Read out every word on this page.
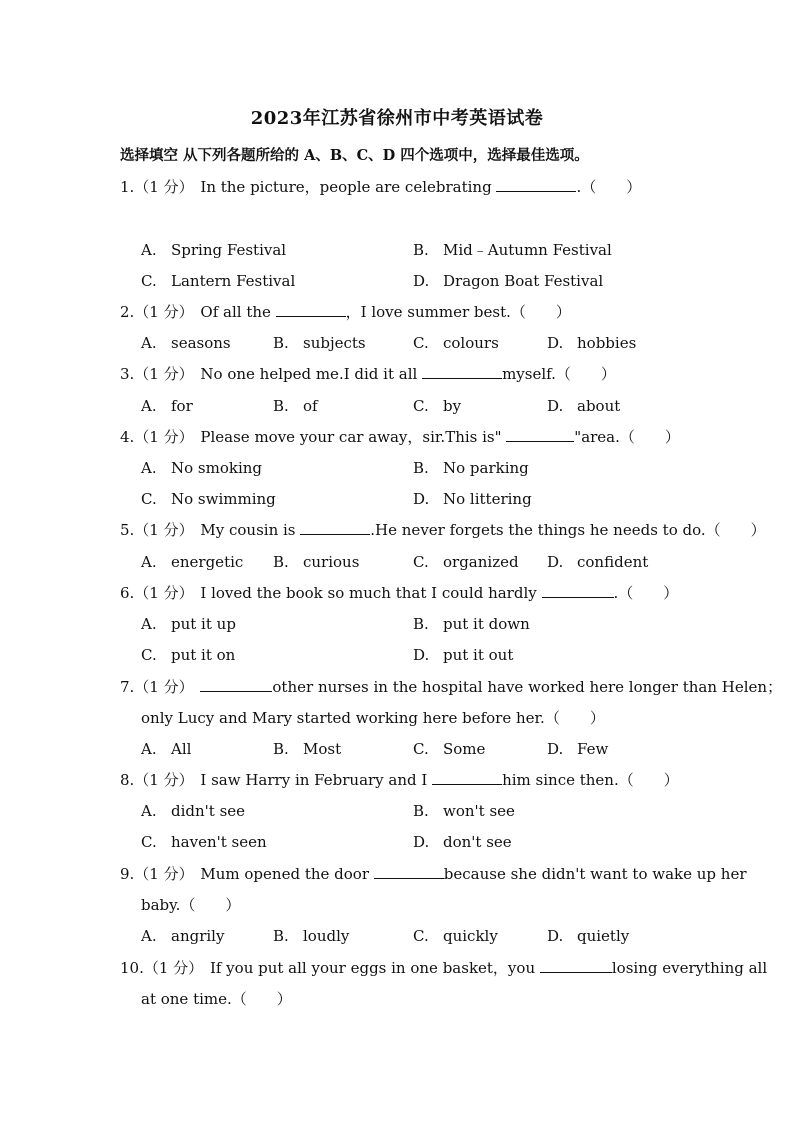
2023年江苏省徐州市中考英语试卷
选择填空 从下列各题所给的 A、B、C、D 四个选项中，选择最佳选项。
1.（1 分） In the picture，people are celebrating	.（　　）
A. Spring Festival	B. Mid﹣Autumn Festival
C. Lantern Festival	D. Dragon Boat Festival
2.（1 分） Of all the	，I love summer best.（　　）
A. seasons	B. subjects	C. colours	D. hobbies
3.（1 分） No one helped me.I did it all	myself.（　　）
A. for	B. of	C. by	D. about
4.（1 分） Please move your car away，sir.This is"	"area.（　　）
A. No smoking	B. No parking
C. No swimming	D. No littering
5.（1 分） My cousin is	.He never forgets the things he needs to do.（　　）
A. energetic B. curious	C. organized D. confident
6.（1 分） I loved the book so much that I could hardly	.（　　）
A. put it up	B. put it down
C. put it on	D. put it out
7.（1 分）	other nurses in the hospital have worked here longer than Helen；
only Lucy and Mary started working here before her.（　　）
A. All	B. Most	C. Some	D. Few
8.（1 分） I saw Harry in February and I	him since then.（　　）
A. didn't see	B. won't see
C. haven't seen	D. don't see
9.（1 分） Mum opened the door	because she didn't want to wake up her
baby.（　　）
A. angrily	B. loudly	C. quickly	D. quietly
10.（1 分） If you put all your eggs in one basket，you	losing everything all
at one time.（　　）
